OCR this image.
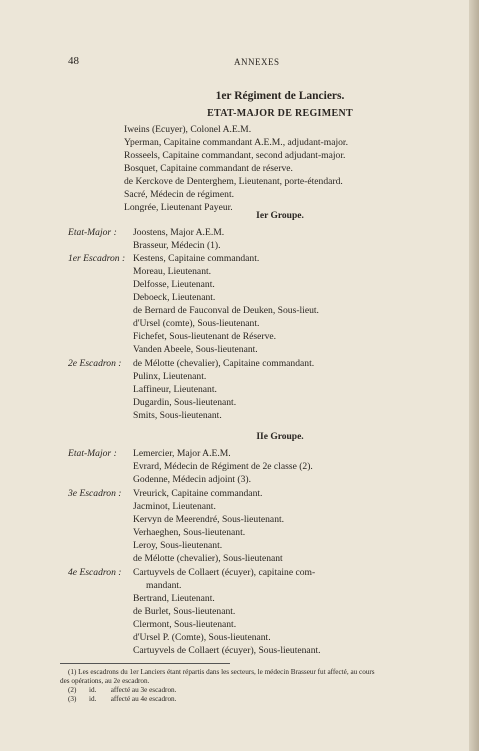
48	ANNEXES
1er Régiment de Lanciers.
ETAT-MAJOR DE REGIMENT
Iweins (Ecuyer), Colonel A.E.M.
Yperman, Capitaine commandant A.E.M., adjudant-major.
Rosseels, Capitaine commandant, second adjudant-major.
Bosquet, Capitaine commandant de réserve.
de Kerckove de Denterghem, Lieutenant, porte-étendard.
Sacré, Médecin de régiment.
Longrée, Lieutenant Payeur.
Ier Groupe.
Etat-Major : Joostens, Major A.E.M.
Brasseur, Médecin (1).
1er Escadron : Kestens, Capitaine commandant.
Moreau, Lieutenant.
Delfosse, Lieutenant.
Deboeck, Lieutenant.
de Bernard de Fauconval de Deuken, Sous-lieut.
d'Ursel (comte), Sous-lieutenant.
Fichefet, Sous-lieutenant de Réserve.
Vanden Abeele, Sous-lieutenant.
2e Escadron : de Mélotte (chevalier), Capitaine commandant.
Pulinx, Lieutenant.
Laffineur, Lieutenant.
Dugardin, Sous-lieutenant.
Smits, Sous-lieutenant.
IIe Groupe.
Etat-Major : Lemercier, Major A.E.M.
Evrard, Médecin de Régiment de 2e classe (2).
Godenne, Médecin adjoint (3).
3e Escadron : Vreurick, Capitaine commandant.
Jacminot, Lieutenant.
Kervyn de Meerendré, Sous-lieutenant.
Verhaeghen, Sous-lieutenant.
Leroy, Sous-lieutenant.
de Mélotte (chevalier), Sous-lieutenant
4e Escadron : Cartuyvels de Collaert (écuyer), capitaine com-
mandant.
Bertrand, Lieutenant.
de Burlet, Sous-lieutenant.
Clermont, Sous-lieutenant.
d'Ursel P. (Comte), Sous-lieutenant.
Cartuyvels de Collaert (écuyer), Sous-lieutenant.
(1) Les escadrons du 1er Lanciers étant répartis dans les secteurs, le médecin Brasseur fut affecté, au cours
des opérations, au 2e escadron.
(2)       id.        affecté au 3e escadron.
(3)       id.        affecté au 4e escadron.
